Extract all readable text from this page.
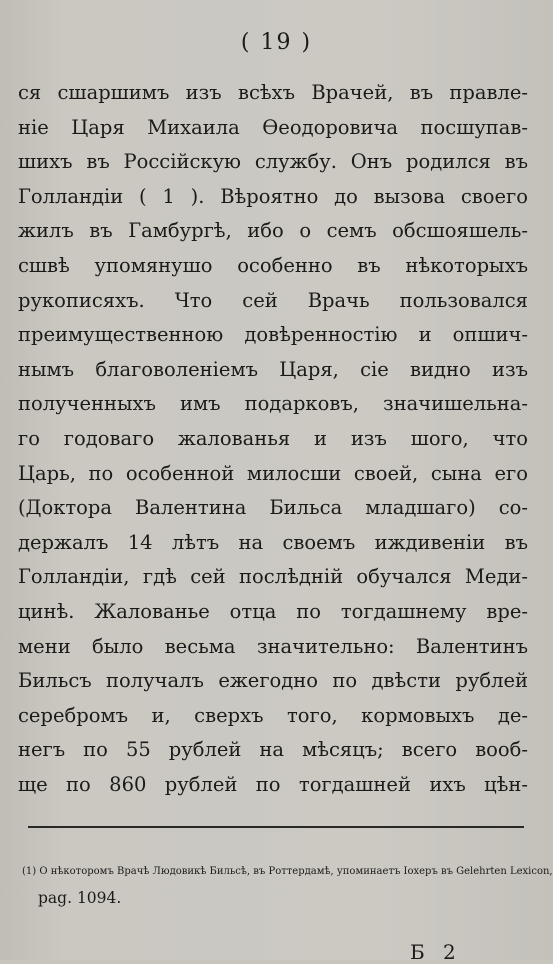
( 19 )
ся сшаршимъ изъ всѣхъ Врачей, въ правле-
ніе Царя Михаила Ѳеодоровича посшупав-
шихъ въ Россійскую службу. Онъ родился въ
Голландіи ( 1 ). Вѣроятно до вызова своего
жилъ въ Гамбургѣ, ибо о семъ обсшояшель-
сшвѣ упомянушо особенно въ нѣкоторыхъ
рукописяхъ. Что сей Врачь пользовался
преимущественною довѣренностію и опшич-
нымъ благоволеніемъ Царя, сіе видно изъ
полученныхъ имъ подарковъ, значишельна-
го годоваго жалованья и изъ шого, что
Царь, по особенной милосши своей, сына его
(Доктора Валентина Бильса младшаго) со-
держалъ 14 лѣтъ на своемъ иждивеніи въ
Голландіи, гдѣ сей послѣдній обучался Меди-
цинѣ. Жалованье отца по тогдашнему вре-
мени было весьма значительно: Валентинъ
Бильсъ получалъ ежегодно по двѣсти рублей
серебромъ и, сверхъ того, кормовыхъ де-
негъ по 55 рублей на мѣсяцъ; всего вооб-
ще по 860 рублей по тогдашней ихъ цѣн-
(1) О нѣкоторомъ Врачѣ Людовикѣ Бильсѣ, въ Роттердамѣ, упоминаетъ Іохеръ въ Gelehrten Lexicon,
pag. 1094.
Б 2
